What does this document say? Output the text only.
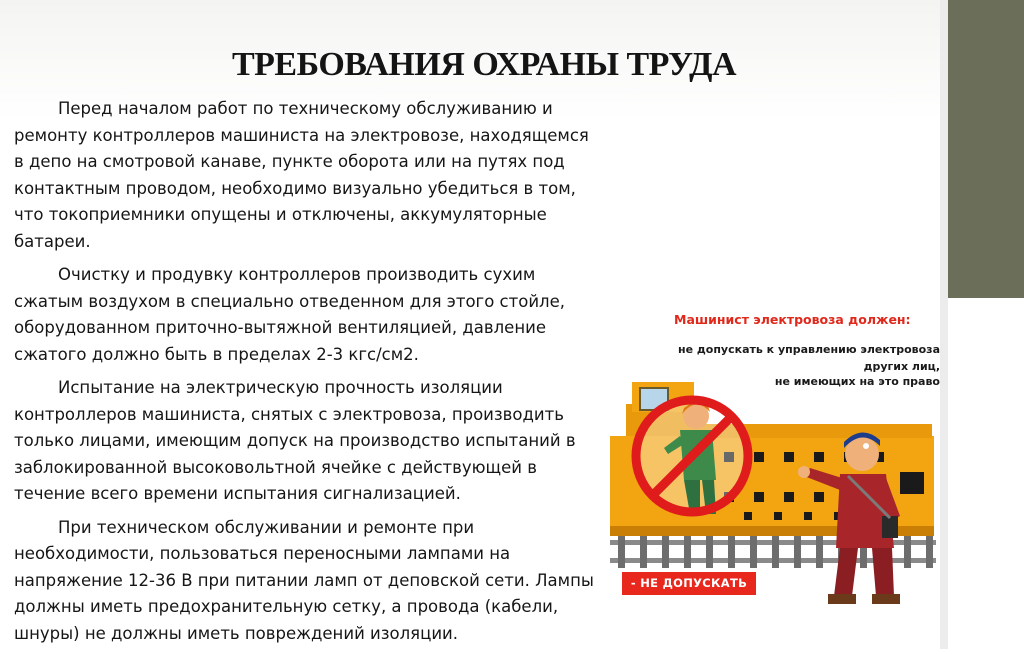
ТРЕБОВАНИЯ ОХРАНЫ ТРУДА

Перед началом работ по техническому обслуживанию и ремонту контроллеров машиниста на электровозе, находящемся в депо на смотровой канаве, пункте оборота или на путях под контактным проводом, необходимо визуально убедиться в том, что токоприемники опущены и отключены, аккумуляторные батареи.

Очистку и продувку контроллеров производить сухим сжатым воздухом в специально отведенном для этого стойле, оборудованном приточно-вытяжной вентиляцией, давление сжатого должно быть в пределах 2-3 кгс/см2.

Испытание на электрическую прочность изоляции контроллеров машиниста, снятых с электровоза, производить только лицами, имеющим допуск на производство испытаний в заблокированной высоковольтной ячейке с действующей в течение всего времени испытания сигнализацией.

При техническом обслуживании и ремонте при необходимости, пользоваться переносными лампами на напряжение 12-36 В при питании ламп от деповской сети. Лампы должны иметь предохранительную сетку, а провода (кабели, шнуры) не должны иметь повреждений изоляции.

Машинист электровоза должен:
не допускать к управлению электровоза
других лиц,
не имеющих на это право
- НЕ ДОПУСКАТЬ
